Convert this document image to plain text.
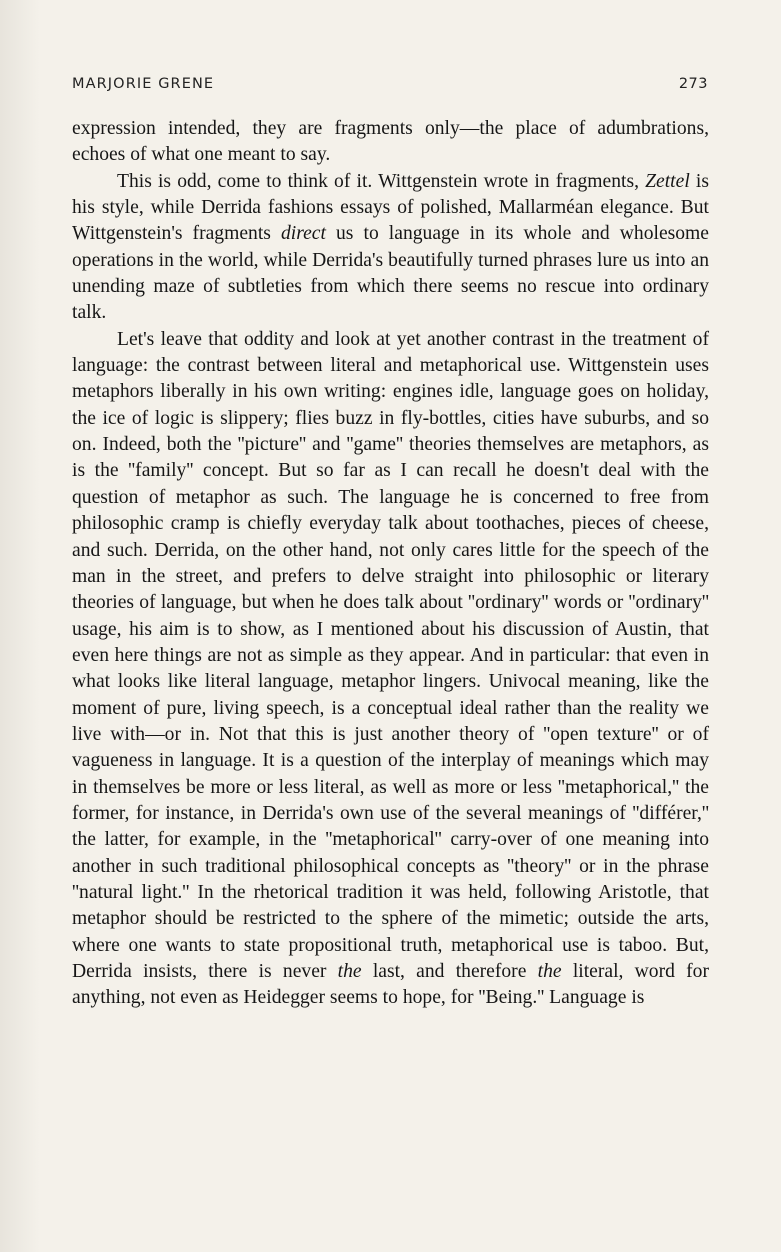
MARJORIE GRENE	273

expression intended, they are fragments only—the place of adumbrations, echoes of what one meant to say.

This is odd, come to think of it. Wittgenstein wrote in fragments, Zettel is his style, while Derrida fashions essays of polished, Mallarméan elegance. But Wittgenstein's fragments direct us to language in its whole and wholesome operations in the world, while Derrida's beautifully turned phrases lure us into an unending maze of subtleties from which there seems no rescue into ordinary talk.

Let's leave that oddity and look at yet another contrast in the treatment of language: the contrast between literal and metaphorical use. Wittgenstein uses metaphors liberally in his own writing: engines idle, language goes on holiday, the ice of logic is slippery; flies buzz in fly-bottles, cities have suburbs, and so on. Indeed, both the ''picture'' and ''game'' theories themselves are metaphors, as is the ''family'' concept. But so far as I can recall he doesn't deal with the question of metaphor as such. The language he is concerned to free from philosophic cramp is chiefly everyday talk about toothaches, pieces of cheese, and such. Derrida, on the other hand, not only cares little for the speech of the man in the street, and prefers to delve straight into philosophic or literary theories of language, but when he does talk about ''ordinary'' words or ''ordinary'' usage, his aim is to show, as I mentioned about his discussion of Austin, that even here things are not as simple as they appear. And in particular: that even in what looks like literal language, metaphor lingers. Univocal meaning, like the moment of pure, living speech, is a conceptual ideal rather than the reality we live with—or in. Not that this is just another theory of ''open texture'' or of vagueness in language. It is a question of the interplay of meanings which may in themselves be more or less literal, as well as more or less ''metaphorical,'' the former, for instance, in Derrida's own use of the several meanings of ''différer,'' the latter, for example, in the ''metaphorical'' carry-over of one meaning into another in such traditional philosophical concepts as ''theory'' or in the phrase ''natural light.'' In the rhetorical tradition it was held, following Aristotle, that metaphor should be restricted to the sphere of the mimetic; outside the arts, where one wants to state propositional truth, metaphorical use is taboo. But, Derrida insists, there is never the last, and therefore the literal, word for anything, not even as Heidegger seems to hope, for ''Being.'' Language is
